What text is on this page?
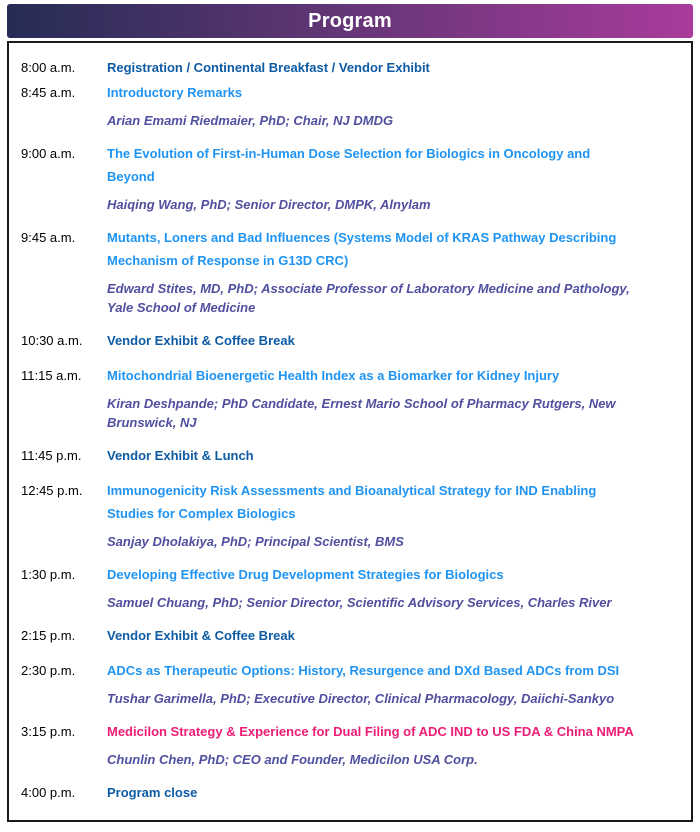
Program
8:00 a.m.	Registration / Continental Breakfast / Vendor Exhibit
8:45 a.m.	Introductory Remarks
Arian Emami Riedmaier, PhD; Chair, NJ DMDG
9:00 a.m.	The Evolution of First-in-Human Dose Selection for Biologics in Oncology and
Beyond
Haiqing Wang, PhD; Senior Director, DMPK, Alnylam
9:45 a.m.	Mutants, Loners and Bad Influences (Systems Model of KRAS Pathway Describing
Mechanism of Response in G13D CRC)
Edward Stites, MD, PhD; Associate Professor of Laboratory Medicine and Pathology,
Yale School of Medicine
10:30 a.m.	Vendor Exhibit & Coffee Break
11:15 a.m.	Mitochondrial Bioenergetic Health Index as a Biomarker for Kidney Injury
Kiran Deshpande; PhD Candidate, Ernest Mario School of Pharmacy Rutgers, New
Brunswick, NJ
11:45 p.m.	Vendor Exhibit & Lunch
12:45 p.m.	Immunogenicity Risk Assessments and Bioanalytical Strategy for IND Enabling
Studies for Complex Biologics
Sanjay Dholakiya, PhD; Principal Scientist, BMS
1:30 p.m.	Developing Effective Drug Development Strategies for Biologics
Samuel Chuang, PhD; Senior Director, Scientific Advisory Services, Charles River
2:15 p.m.	Vendor Exhibit & Coffee Break
2:30 p.m.	ADCs as Therapeutic Options: History, Resurgence and DXd Based ADCs from DSI
Tushar Garimella, PhD; Executive Director, Clinical Pharmacology, Daiichi-Sankyo
3:15 p.m.	Medicilon Strategy & Experience for Dual Filing of ADC IND to US FDA & China NMPA
Chunlin Chen, PhD; CEO and Founder, Medicilon USA Corp.
4:00 p.m.	Program close
